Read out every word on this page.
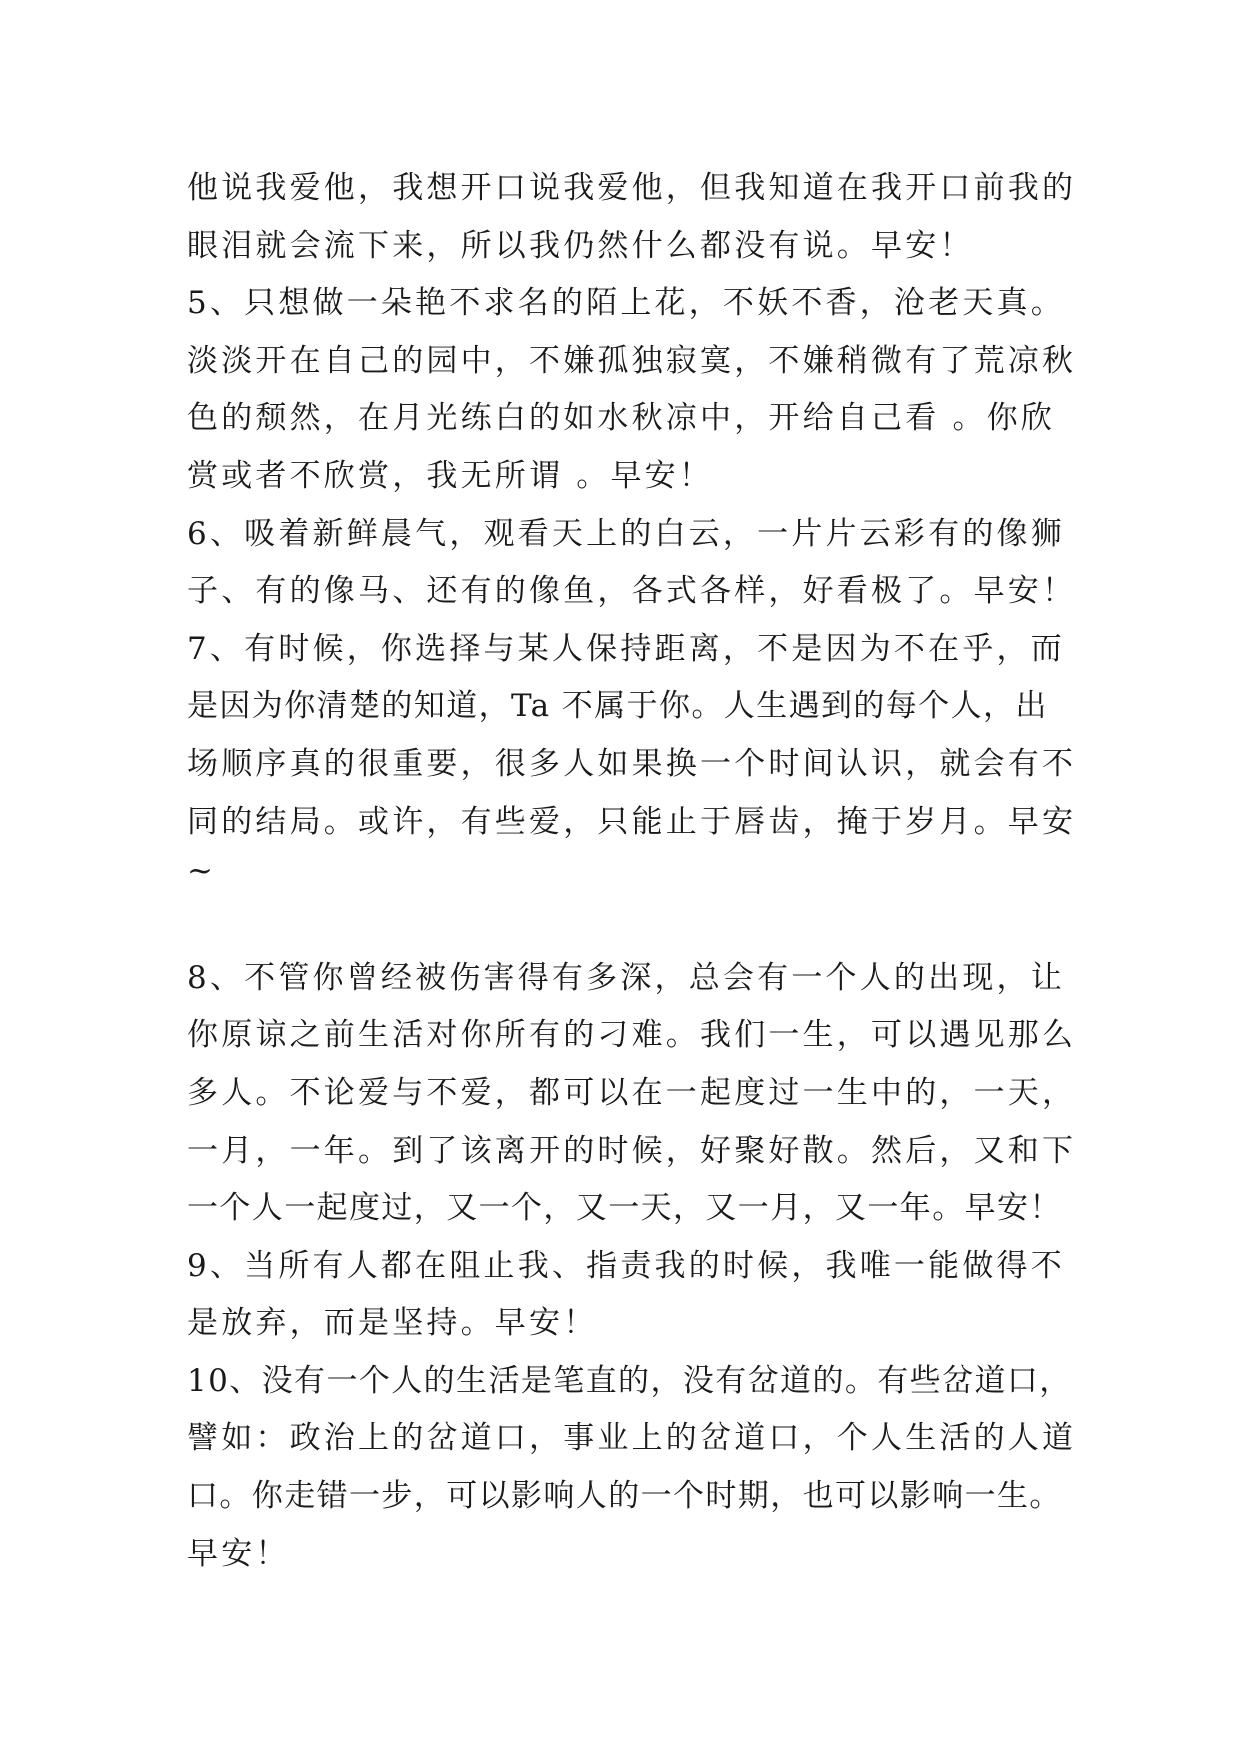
他说我爱他，我想开口说我爱他，但我知道在我开口前我的
眼泪就会流下来，所以我仍然什么都没有说。早安！
5、只想做一朵艳不求名的陌上花，不妖不香，沧老天真。
淡淡开在自己的园中，不嫌孤独寂寞，不嫌稍微有了荒凉秋
色的颓然，在月光练白的如水秋凉中，开给自己看 。你欣
赏或者不欣赏，我无所谓 。早安！
6、吸着新鲜晨气，观看天上的白云，一片片云彩有的像狮
子、有的像马、还有的像鱼，各式各样，好看极了。早安！
7、有时候，你选择与某人保持距离，不是因为不在乎，而
是因为你清楚的知道，Ta 不属于你。人生遇到的每个人，出
场顺序真的很重要，很多人如果换一个时间认识，就会有不
同的结局。或许，有些爱，只能止于唇齿，掩于岁月。早安
~
8、不管你曾经被伤害得有多深，总会有一个人的出现，让
你原谅之前生活对你所有的刁难。我们一生，可以遇见那么
多人。不论爱与不爱，都可以在一起度过一生中的，一天，
一月，一年。到了该离开的时候，好聚好散。然后，又和下
一个人一起度过，又一个，又一天，又一月，又一年。早安！
9、当所有人都在阻止我、指责我的时候，我唯一能做得不
是放弃，而是坚持。早安！
10、没有一个人的生活是笔直的，没有岔道的。有些岔道口，
譬如：政治上的岔道口，事业上的岔道口，个人生活的人道
口。你走错一步，可以影响人的一个时期，也可以影响一生。
早安！
